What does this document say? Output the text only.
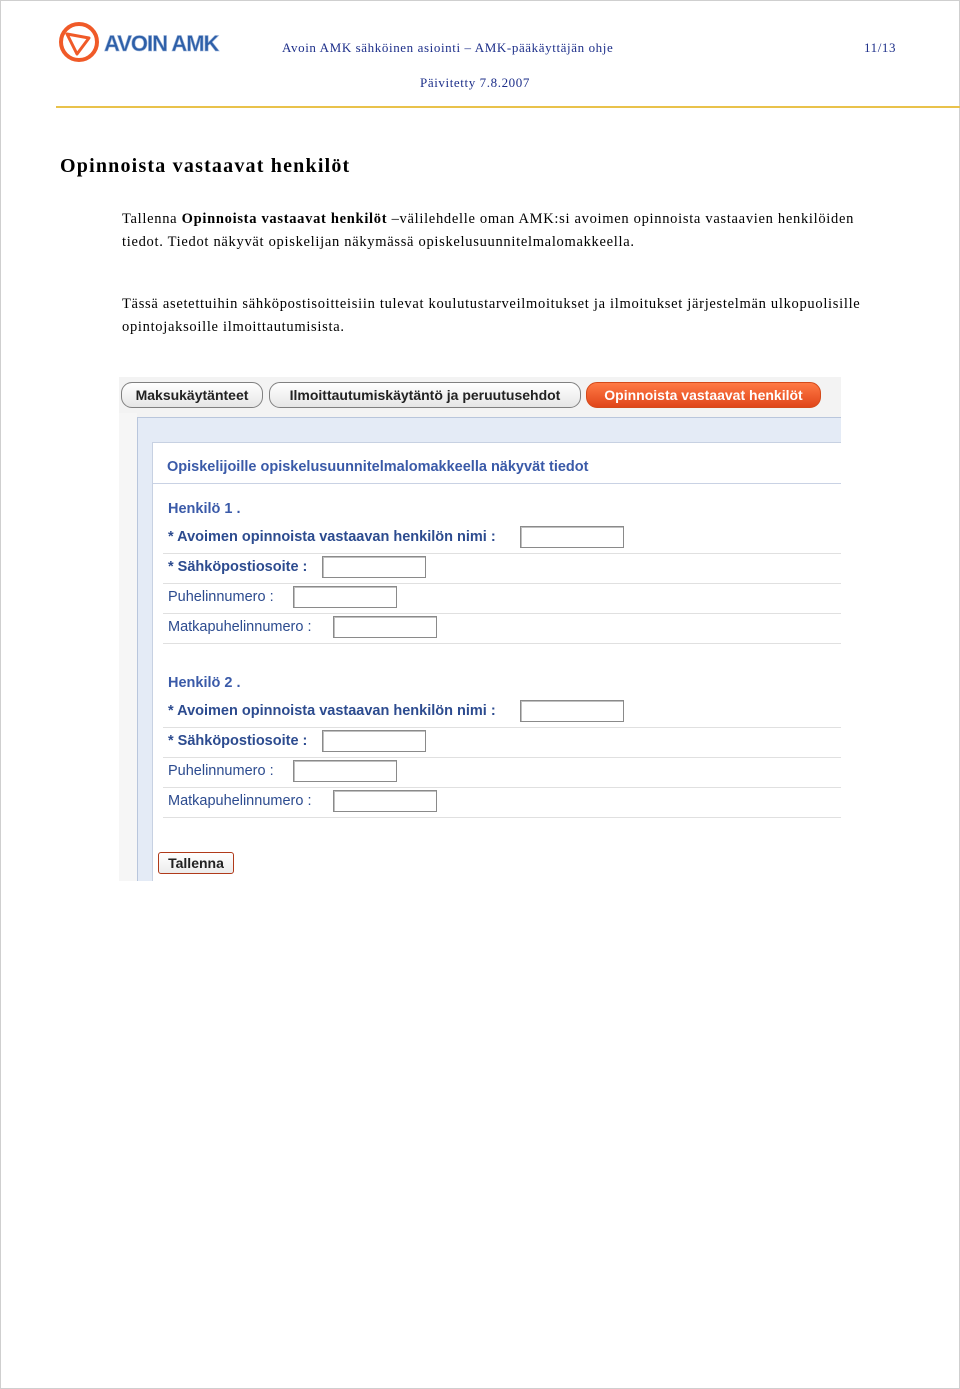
AVOIN AMK	Avoin AMK sähköinen asiointi – AMK-pääkäyttäjän ohje	11/13
Päivitetty 7.8.2007
Opinnoista vastaavat henkilöt
Tallenna Opinnoista vastaavat henkilöt –välilehdelle oman AMK:si avoimen opinnoista vastaavien henkilöiden tiedot. Tiedot näkyvät opiskelijan näkymässä opiskelusuunnitelmalomakkeella.
Tässä asetettuihin sähköpostisoitteisiin tulevat koulutustarveilmoitukset ja ilmoitukset järjestelmän ulkopuolisille opintojaksoille ilmoittautumisista.
Maksukäytänteet	Ilmoittautumiskäytäntö ja peruutusehdot	Opinnoista vastaavat henkilöt
Opiskelijoille opiskelusuunnitelmalomakkeella näkyvät tiedot
Henkilö 1 .
* Avoimen opinnoista vastaavan henkilön nimi :
* Sähköpostiosoite :
Puhelinnumero :
Matkapuhelinnumero :
Henkilö 2 .
* Avoimen opinnoista vastaavan henkilön nimi :
* Sähköpostiosoite :
Puhelinnumero :
Matkapuhelinnumero :
Tallenna
